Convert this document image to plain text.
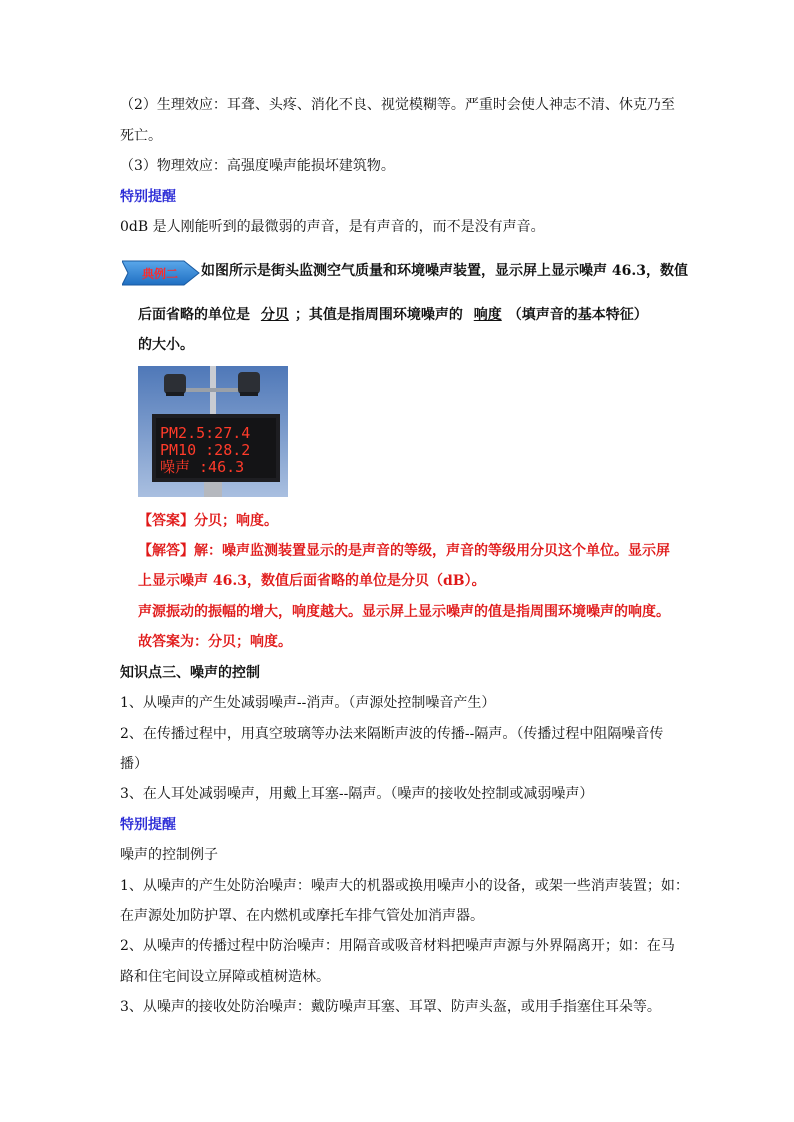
（2）生理效应：耳聋、头疼、消化不良、视觉模糊等。严重时会使人神志不清、休克乃至
死亡。
（3）物理效应：高强度噪声能损坏建筑物。
特别提醒
0dB 是人刚能听到的最微弱的声音，是有声音的，而不是没有声音。
典例二 如图所示是街头监测空气质量和环境噪声装置，显示屏上显示噪声 46.3，数值
后面省略的单位是 分贝 ；其值是指周围环境噪声的 响度 （填声音的基本特征）
的大小。
PM2.5:27.4
PM10 :28.2
噪声 :46.3
【答案】分贝；响度。
【解答】解：噪声监测装置显示的是声音的等级，声音的等级用分贝这个单位。显示屏
上显示噪声 46.3，数值后面省略的单位是分贝（dB）。
声源振动的振幅的增大，响度越大。显示屏上显示噪声的值是指周围环境噪声的响度。
故答案为：分贝；响度。
知识点三、噪声的控制
1、从噪声的产生处减弱噪声--消声。（声源处控制噪音产生）
2、在传播过程中，用真空玻璃等办法来隔断声波的传播--隔声。（传播过程中阻隔噪音传
播）
3、在人耳处减弱噪声，用戴上耳塞--隔声。（噪声的接收处控制或减弱噪声）
特别提醒
噪声的控制例子
1、从噪声的产生处防治噪声：噪声大的机器或换用噪声小的设备，或架一些消声装置；如：
在声源处加防护罩、在内燃机或摩托车排气管处加消声器。
2、从噪声的传播过程中防治噪声：用隔音或吸音材料把噪声声源与外界隔离开；如：在马
路和住宅间设立屏障或植树造林。
3、从噪声的接收处防治噪声：戴防噪声耳塞、耳罩、防声头盔，或用手指塞住耳朵等。
